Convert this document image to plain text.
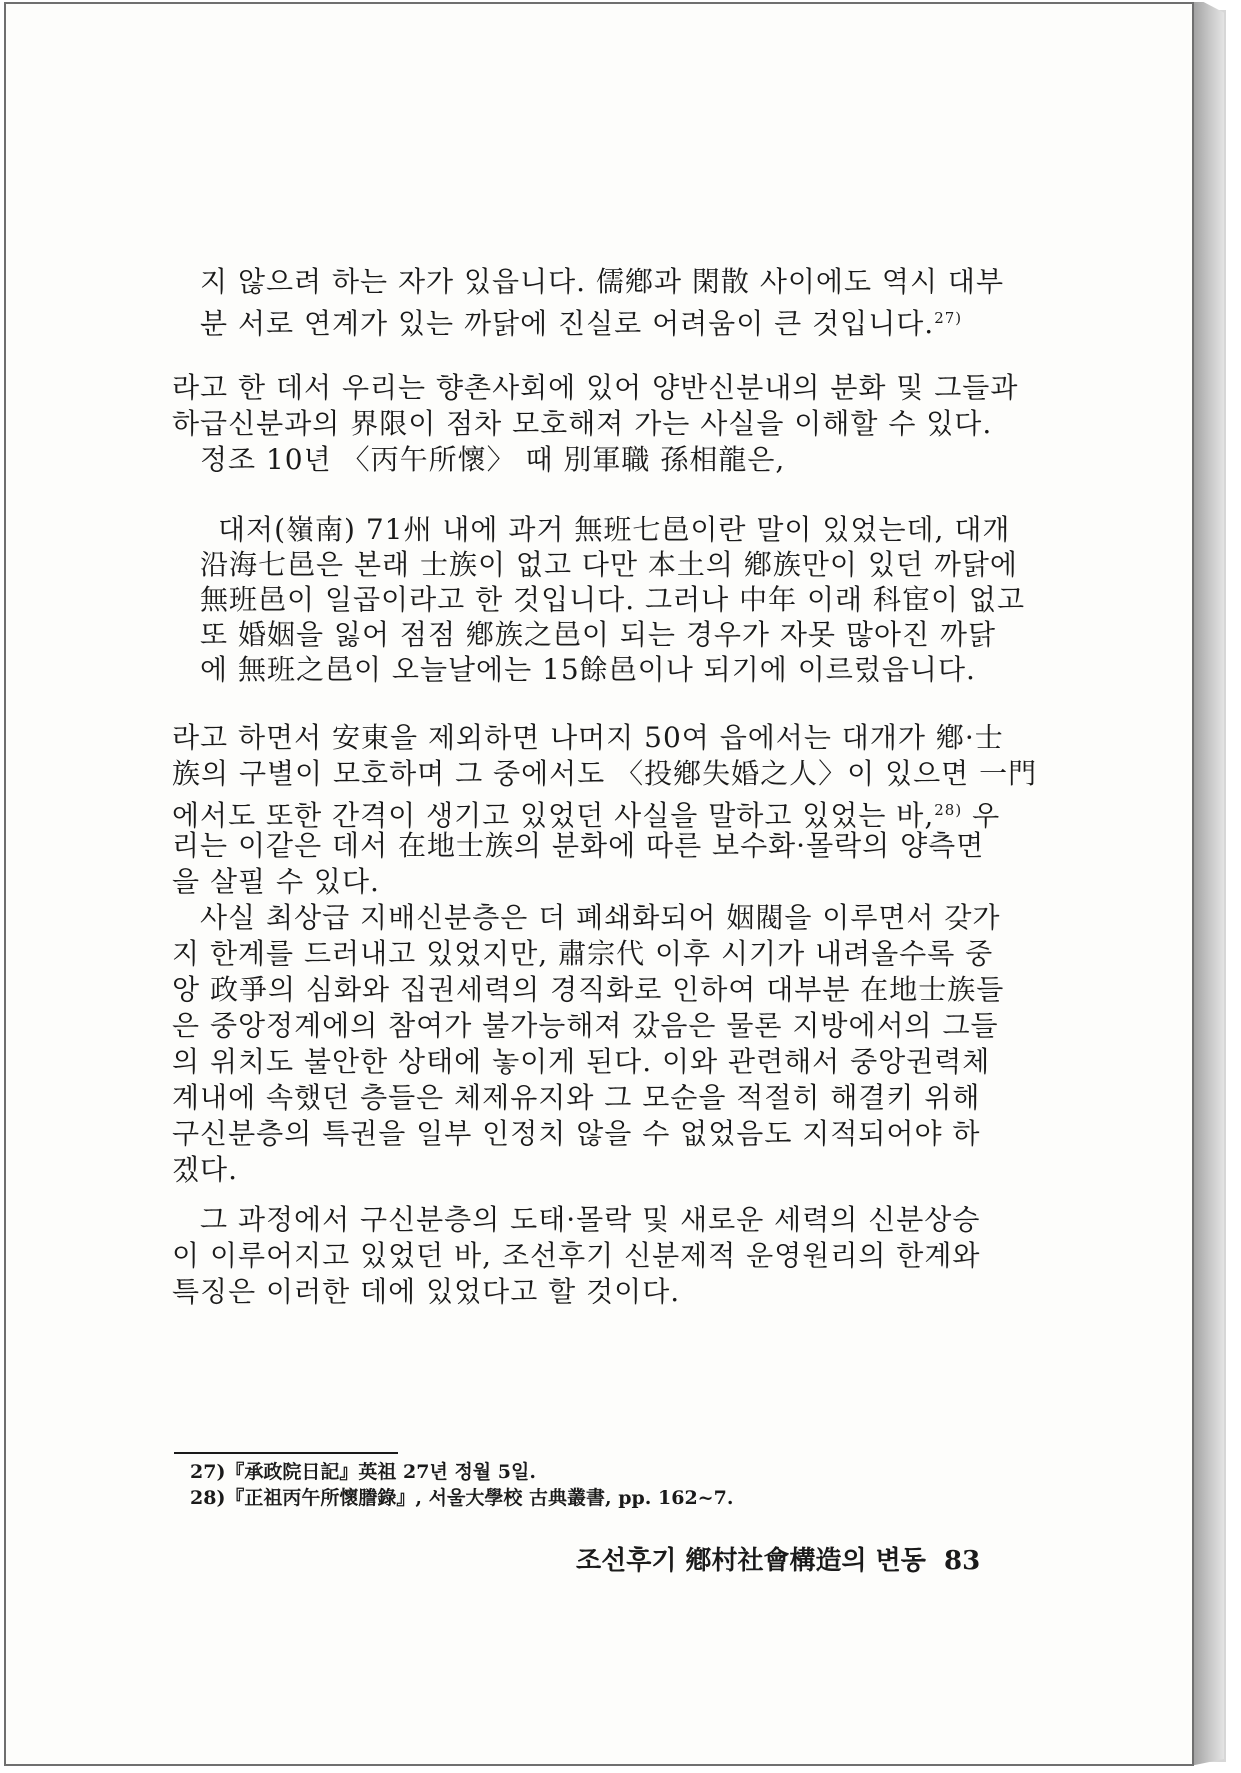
지 않으려 하는 자가 있읍니다. 儒鄕과 閑散 사이에도 역시 대부
분 서로 연계가 있는 까닭에 진실로 어려움이 큰 것입니다.$^{27)}$
라고 한 데서 우리는 향촌사회에 있어 양반신분내의 분화 및 그들과
하급신분과의 界限이 점차 모호해져 가는 사실을 이해할 수 있다.
정조 10년 〈丙午所懷〉 때 別軍職 孫相龍은,
대저(嶺南) 71州 내에 과거 無班七邑이란 말이 있었는데, 대개
沿海七邑은 본래 士族이 없고 다만 本土의 鄕族만이 있던 까닭에
無班邑이 일곱이라고 한 것입니다. 그러나 中年 이래 科宦이 없고
또 婚姻을 잃어 점점 鄕族之邑이 되는 경우가 자못 많아진 까닭
에 無班之邑이 오늘날에는 15餘邑이나 되기에 이르렀읍니다.
라고 하면서 安東을 제외하면 나머지 50여 읍에서는 대개가 鄕·士
族의 구별이 모호하며 그 중에서도 〈投鄕失婚之人〉이 있으면 一門
에서도 또한 간격이 생기고 있었던 사실을 말하고 있었는 바,$^{28)}$ 우
리는 이같은 데서 在地士族의 분화에 따른 보수화·몰락의 양측면
을 살필 수 있다.
사실 최상급 지배신분층은 더 폐쇄화되어 姻閥을 이루면서 갖가
지 한계를 드러내고 있었지만, 肅宗代 이후 시기가 내려올수록 중
앙 政爭의 심화와 집권세력의 경직화로 인하여 대부분 在地士族들
은 중앙정계에의 참여가 불가능해져 갔음은 물론 지방에서의 그들
의 위치도 불안한 상태에 놓이게 된다. 이와 관련해서 중앙권력체
계내에 속했던 층들은 체제유지와 그 모순을 적절히 해결키 위해
구신분층의 특권을 일부 인정치 않을 수 없었음도 지적되어야 하
겠다.
그 과정에서 구신분층의 도태·몰락 및 새로운 세력의 신분상승
이 이루어지고 있었던 바, 조선후기 신분제적 운영원리의 한계와
특징은 이러한 데에 있었다고 할 것이다.
27)『承政院日記』英祖 27년 정월 5일.
28)『正祖丙午所懷謄錄』, 서울大學校 古典叢書, pp. 162~7.
조선후기 鄕村社會構造의 변동 83
